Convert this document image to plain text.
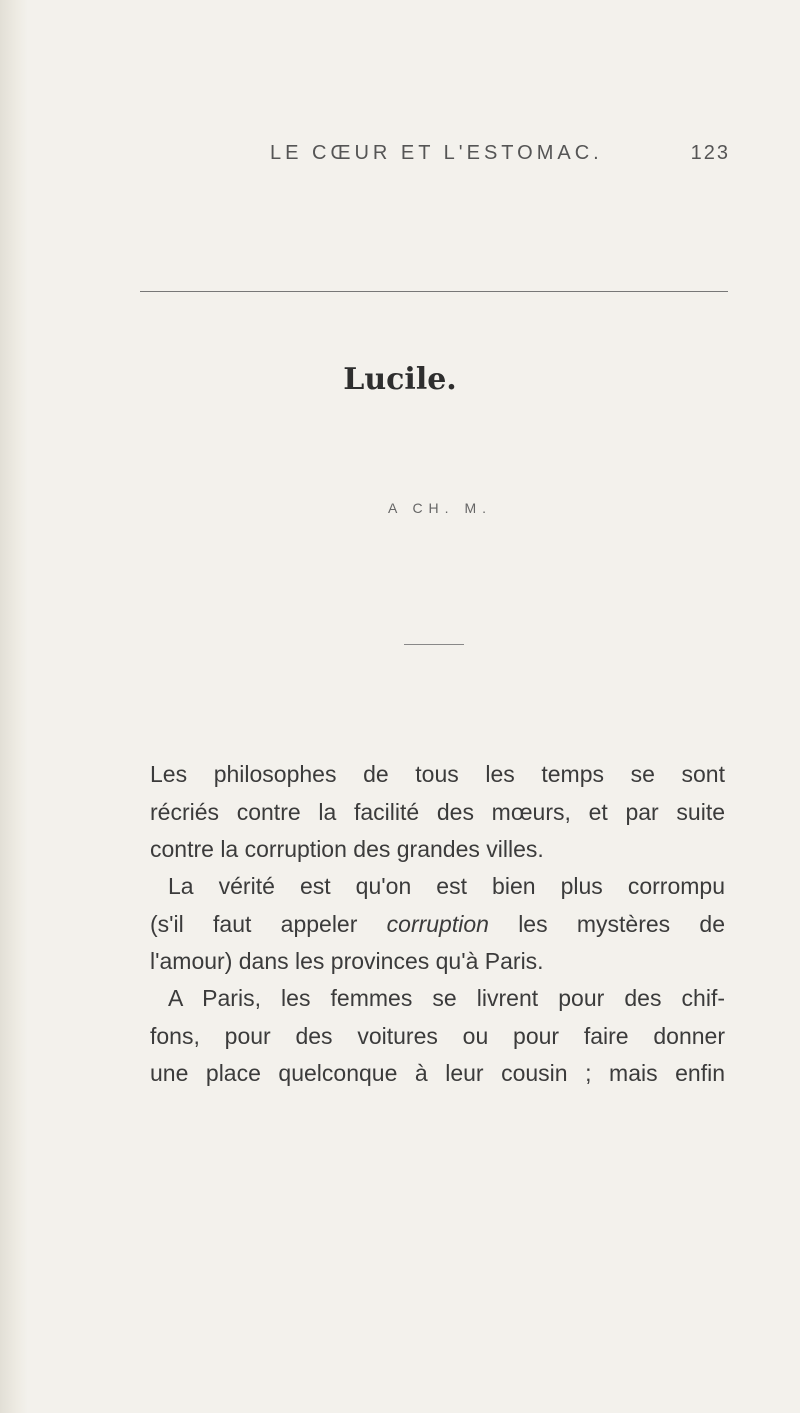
LE CŒUR ET L'ESTOMAC.	123
Lucile.
A CH. M.

Les philosophes de tous les temps se sont
récriés contre la facilité des mœurs, et par suite
contre la corruption des grandes villes.

La vérité est qu'on est bien plus corrompu
(s'il faut appeler corruption les mystères de
l'amour) dans les provinces qu'à Paris.

A Paris, les femmes se livrent pour des chif-
fons, pour des voitures ou pour faire donner
une place quelconque à leur cousin ; mais enfin
